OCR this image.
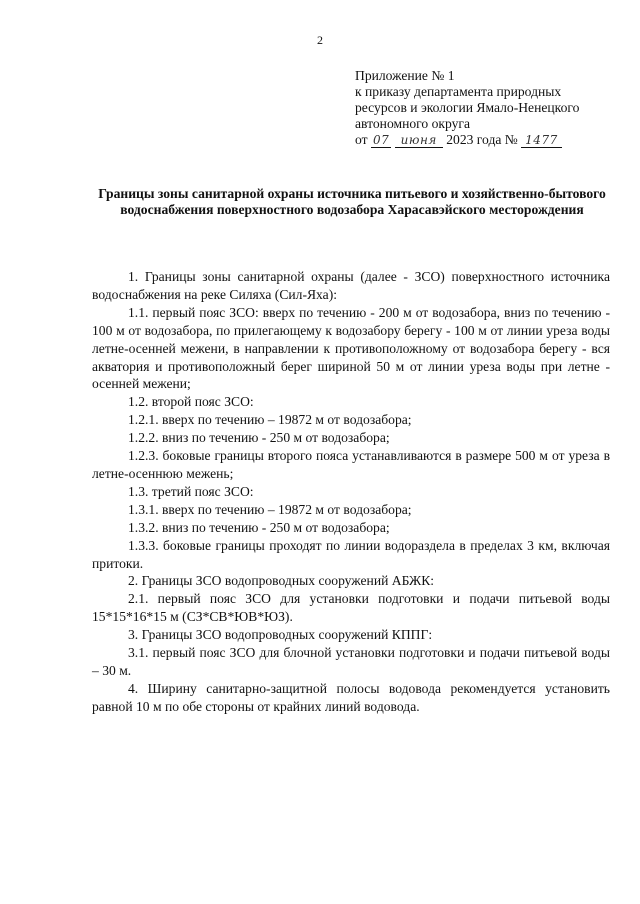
2
Приложение № 1
к приказу департамента природных
ресурсов и экологии Ямало-Ненецкого
автономного округа
от 07 июня 2023 года № 1477
Границы зоны санитарной охраны источника питьевого и хозяйственно-бытового водоснабжения поверхностного водозабора Харасавэйского месторождения

1. Границы зоны санитарной охраны (далее - ЗСО) поверхностного источника водоснабжения на реке Силяха (Сил-Яха):

1.1. первый пояс ЗСО: вверх по течению - 200 м от водозабора, вниз по течению - 100 м от водозабора, по прилегающему к водозабору берегу - 100 м от линии уреза воды летне-осенней межени, в направлении к противоположному от водозабора берегу - вся акватория и противоположный берег шириной 50 м от линии уреза воды при летне - осенней межени;

1.2. второй пояс ЗСО:

1.2.1. вверх по течению – 19872 м от водозабора;

1.2.2. вниз по течению - 250 м от водозабора;

1.2.3. боковые границы второго пояса устанавливаются в размере 500 м от уреза в летне-осеннюю межень;

1.3. третий пояс ЗСО:

1.3.1. вверх по течению – 19872 м от водозабора;

1.3.2. вниз по течению - 250 м от водозабора;

1.3.3. боковые границы проходят по линии водораздела в пределах 3 км, включая притоки.

2. Границы ЗСО водопроводных сооружений АБЖК:

2.1. первый пояс ЗСО для установки подготовки и подачи питьевой воды 15*15*16*15 м (СЗ*СВ*ЮВ*ЮЗ).

3. Границы ЗСО водопроводных сооружений КППГ:

3.1. первый пояс ЗСО для блочной установки подготовки и подачи питьевой воды – 30 м.

4. Ширину санитарно-защитной полосы водовода рекомендуется установить равной 10 м по обе стороны от крайних линий водовода.
